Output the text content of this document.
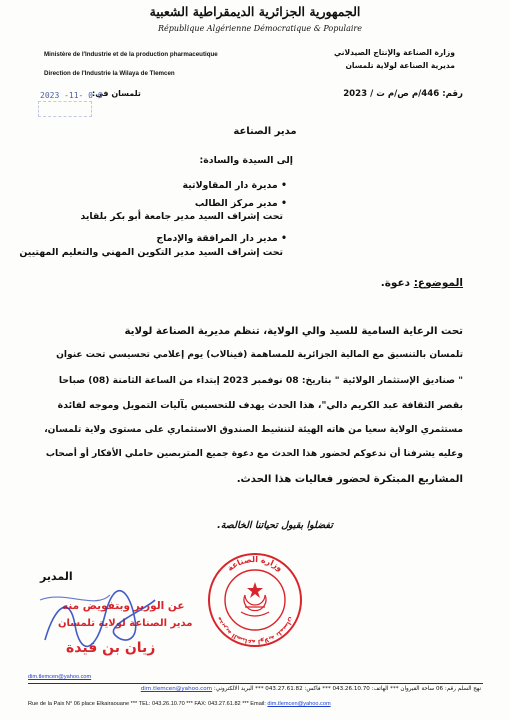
الجمهورية الجزائرية الديمقراطية الشعبية
République Algérienne Démocratique & Populaire
Ministère de l'Industrie et de la production pharmaceutique
Direction de l'Industrie la Wilaya de Tlemcen
وزارة الصناعة والإنتاج الصيدلاني
مديرية الصناعة لولاية تلمسان
رقم: 446/م ص/م ت / 2023
تلمسان في:
2023 -11- 0 6
مدير الصناعة
إلى السيدة والسادة:
• مديرة دار المقاولاتية
• مدير مركز الطالب
تحت إشراف السيد مدير جامعة أبو بكر بلقايد
• مدير دار المرافقة والإدماج
تحت إشراف السيد مدير التكوين المهني والتعليم المهتيين
الموضوع: دعوة.
تحت الرعاية السامية للسيد والي الولاية، تنظم مديرية الصناعة لولاية
تلمسان بالتنسيق مع المالية الجزائرية للمساهمة (فينالاب) يوم إعلامي تحسيسي تحت عنوان
" صناديق الإستثمار الولائية " بتاريخ: 08 نوفمبر 2023 إبتداء من الساعة الثامنة (08) صباحا
بقصر الثقافة عبد الكريم دالي"، هذا الحدث يهدف للتحسيس بآليات التمويل وموجه لفائدة
مستثمري الولاية سعيا من هاته الهيئة لتنشيط الصندوق الاستثماري على مستوى ولاية تلمسان،
وعليه يشرفنا أن ندعوكم لحضور هذا الحدث مع دعوة جميع المتربصين حاملي الأفكار أو أصحاب
المشاريع المبتكرة لحضور فعاليات هذا الحدث.
تفضلوا بقبول تحياتنا الخالصة.
المدير
عن الوزير وبتفويض منه
مدير الصناعة لولاية تلمسان
زيان بن قيدة
وزارة الصناعة
مديرية الصناعة لولاية تلمسان
dim.tlemcen@yahoo.com
نهج السلم رقم: 06 ساحة القيروان *** الهاتف: 043.26.10.70 *** فاكس: 043.27.61.82 *** البريد الالكتروني: dim.tlemcen@yahoo.com
Rue de la Paix N° 06 place Elkairaouane *** TEL: 043.26.10.70 *** FAX: 043.27.61.82 *** Email: dim.tlemcen@yahoo.com
